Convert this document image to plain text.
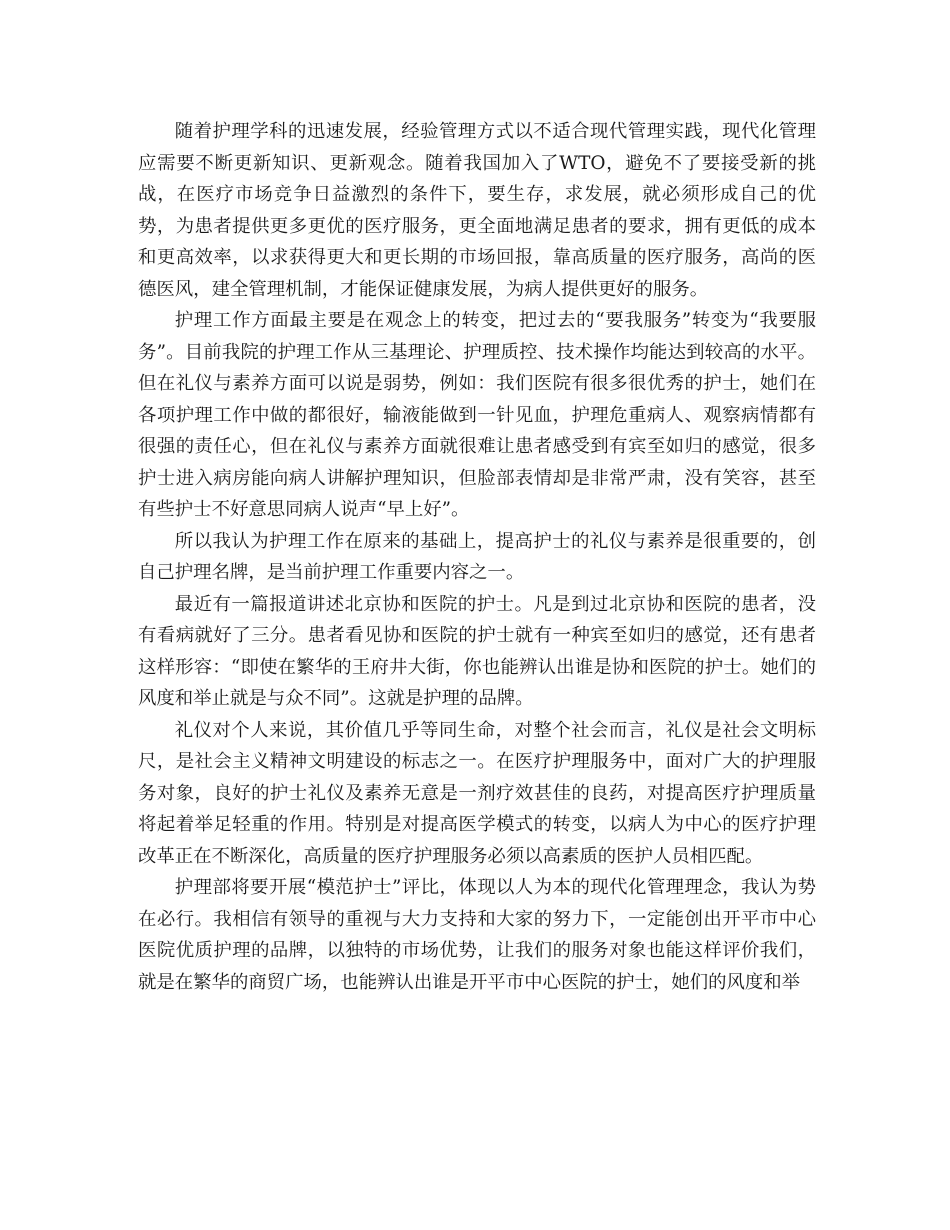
随着护理学科的迅速发展，经验管理方式以不适合现代管理实践，现代化管理应需要不断更新知识、更新观念。随着我国加入了WTO，避免不了要接受新的挑战，在医疗市场竞争日益激烈的条件下，要生存，求发展，就必须形成自己的优势，为患者提供更多更优的医疗服务，更全面地满足患者的要求，拥有更低的成本和更高效率，以求获得更大和更长期的市场回报，靠高质量的医疗服务，高尚的医德医风，建全管理机制，才能保证健康发展，为病人提供更好的服务。

护理工作方面最主要是在观念上的转变，把过去的“要我服务”转变为“我要服务”。目前我院的护理工作从三基理论、护理质控、技术操作均能达到较高的水平。但在礼仪与素养方面可以说是弱势，例如：我们医院有很多很优秀的护士，她们在各项护理工作中做的都很好，输液能做到一针见血，护理危重病人、观察病情都有很强的责任心，但在礼仪与素养方面就很难让患者感受到有宾至如归的感觉，很多护士进入病房能向病人讲解护理知识，但脸部表情却是非常严肃，没有笑容，甚至有些护士不好意思同病人说声“早上好”。

所以我认为护理工作在原来的基础上，提高护士的礼仪与素养是很重要的，创自己护理名牌，是当前护理工作重要内容之一。

最近有一篇报道讲述北京协和医院的护士。凡是到过北京协和医院的患者，没有看病就好了三分。患者看见协和医院的护士就有一种宾至如归的感觉，还有患者这样形容：“即使在繁华的王府井大街，你也能辨认出谁是协和医院的护士。她们的风度和举止就是与众不同”。这就是护理的品牌。

礼仪对个人来说，其价值几乎等同生命，对整个社会而言，礼仪是社会文明标尺，是社会主义精神文明建设的标志之一。在医疗护理服务中，面对广大的护理服务对象，良好的护士礼仪及素养无意是一剂疗效甚佳的良药，对提高医疗护理质量将起着举足轻重的作用。特别是对提高医学模式的转变，以病人为中心的医疗护理改革正在不断深化，高质量的医疗护理服务必须以高素质的医护人员相匹配。

护理部将要开展“模范护士”评比，体现以人为本的现代化管理理念，我认为势在必行。我相信有领导的重视与大力支持和大家的努力下，一定能创出开平市中心医院优质护理的品牌，以独特的市场优势，让我们的服务对象也能这样评价我们，就是在繁华的商贸广场，也能辨认出谁是开平市中心医院的护士，她们的风度和举
